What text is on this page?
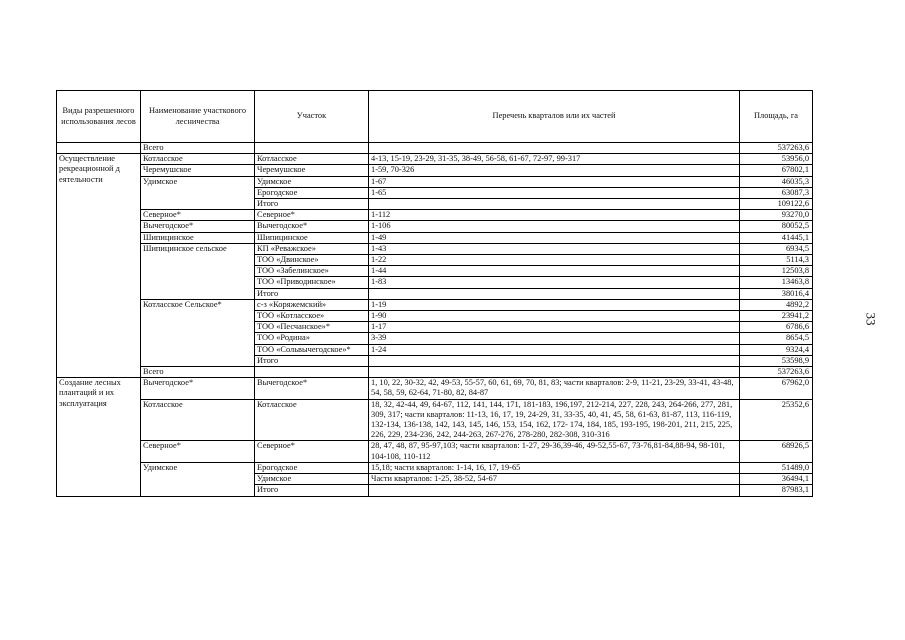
Виды разрешенного использования лесов	Наименование участкового лесничества	Участок	Перечень кварталов или их частей	Площадь, га
	Всего			537263,6
Осуществление рекреационной д еятельности	Котласское	Котласское	4-13, 15-19, 23-29, 31-35, 38-49, 56-58, 61-67, 72-97, 99-317	53956,0
	Черемушское	Черемушское	1-59, 70-326	67802,1
	Удимское	Удимское	1-67	46035,3
		Ерогодское	1-65	63087,3
		Итого		109122,6
	Северное*	Северное*	1-112	93270,0
	Вычегодское*	Вычегодское*	1-106	80052,5
	Шипицинское	Шипицинское	1-49	41445,1
	Шипицинское сельское	КП «Реважское»	1-43	6934,5
		ТОО «Двинское»	1-22	5114,3
		ТОО «Забелинское»	1-44	12503,8
		ТОО «Приводинское»	1-83	13463,8
		Итого		38016,4
	Котласское Сельское*	с-з «Коряжемский»	1-19	4892,2
		ТОО «Котласское»	1-90	23941,2
		ТОО «Песчанское»*	1-17	6786,6
		ТОО «Родина»	3-39	8654,5
		ТОО «Сольвычегодское»*	1-24	9324,4
		Итого		53598,9
	Всего			537263,6
Создание лесных плантаций и их эксплуатация	Вычегодское*	Вычегодское*	1, 10, 22, 30-32, 42, 49-53, 55-57, 60, 61, 69, 70, 81, 83; части кварталов: 2-9, 11-21, 23-29, 33-41, 43-48, 54, 58, 59, 62-64, 71-80, 82, 84-87	67962,0
	Котласское	Котласское	18, 32, 42-44, 49, 64-67, 112, 141, 144, 171, 181-183, 196,197, 212-214, 227, 228, 243, 264-266, 277, 281, 309, 317; части кварталов: 11-13, 16, 17, 19, 24-29, 31, 33-35, 40, 41, 45, 58, 61-63, 81-87, 113, 116-119, 132-134, 136-138, 142, 143, 145, 146, 153, 154, 162, 172- 174, 184, 185, 193-195, 198-201, 211, 215, 225, 226, 229, 234-236, 242, 244-263, 267-276, 278-280, 282-308, 310-316	25352,6
	Северное*	Северное*	28, 47, 48, 87, 95-97,103; части кварталов: 1-27, 29-36,39-46, 49-52,55-67, 73-76,81-84,88-94, 98-101, 104-108, 110-112	68926,5
	Удимское	Ерогодское	15,18; части кварталов: 1-14, 16, 17, 19-65	51489,0
		Удимское	Части кварталов: 1-25, 38-52, 54-67	36494,1
		Итого		87983,1
33
